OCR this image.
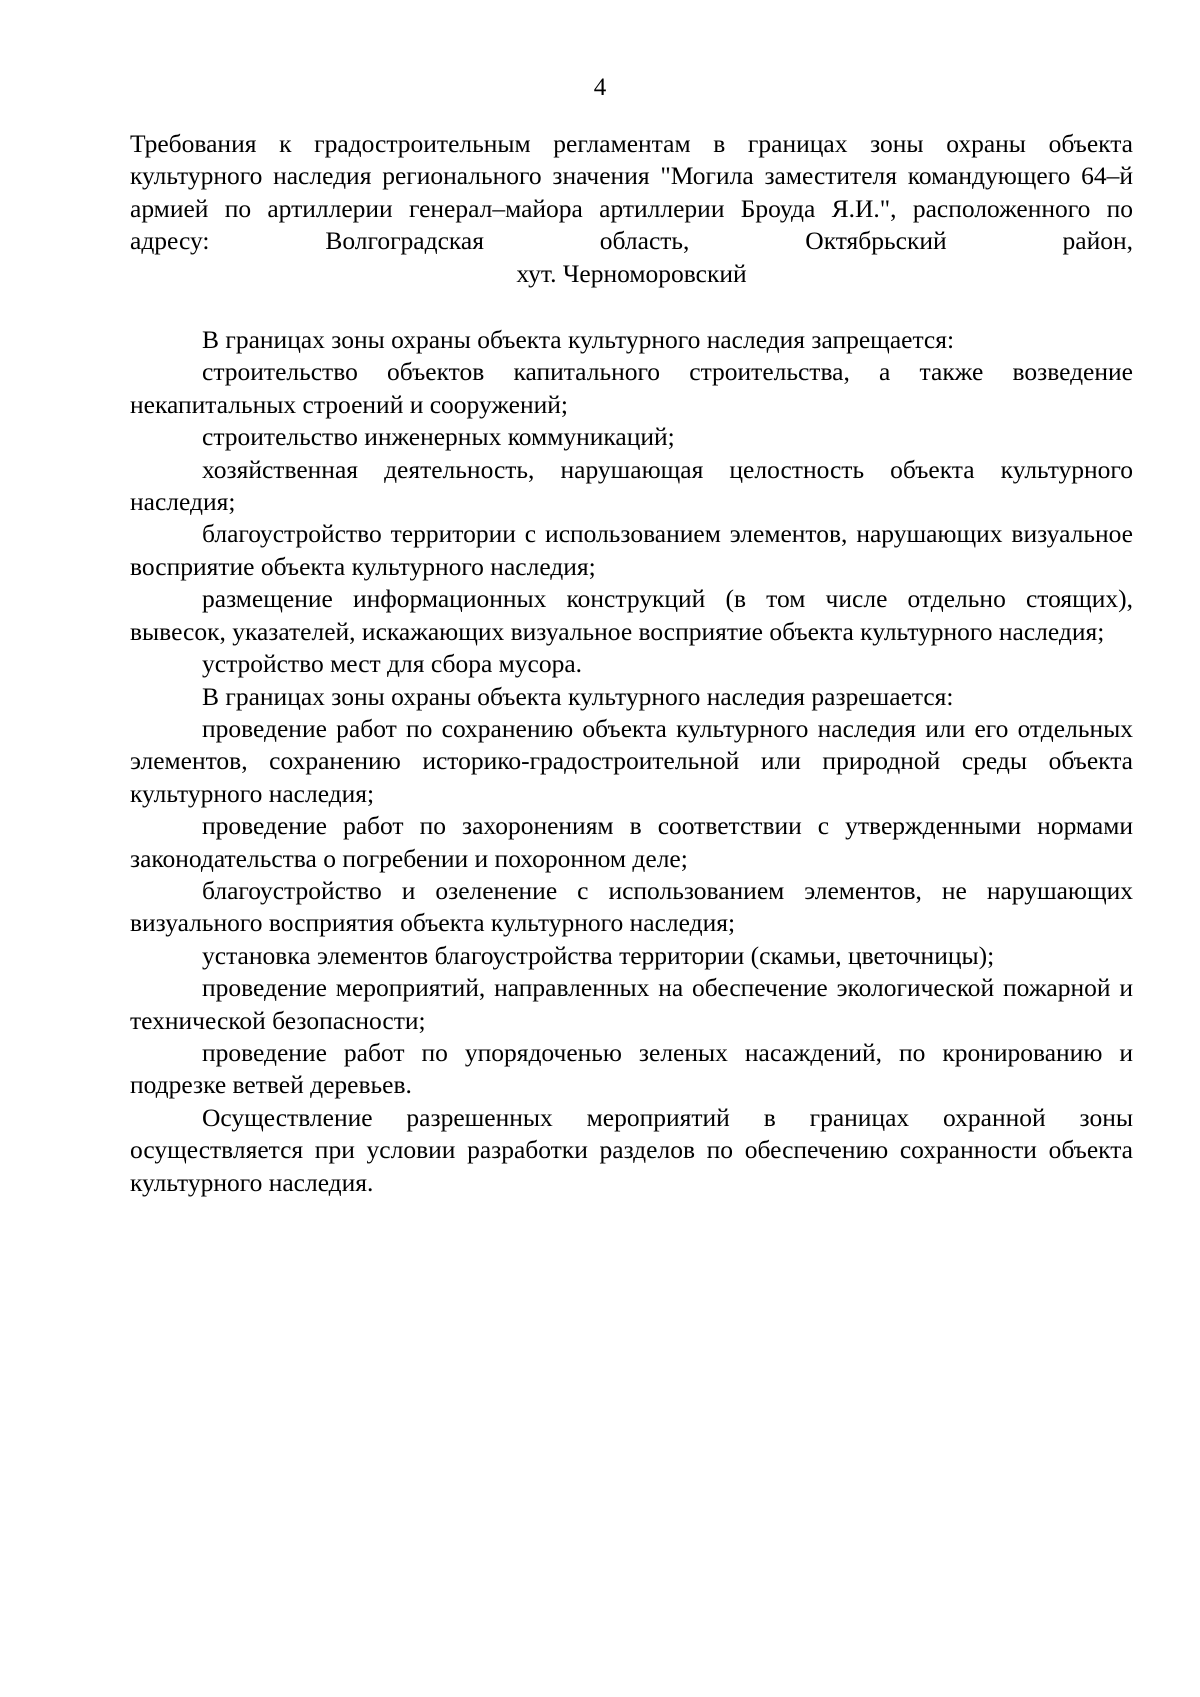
4
Требования к градостроительным регламентам в границах зоны охраны объекта культурного наследия регионального значения "Могила заместителя командующего 64–й армией по артиллерии генерал–майора артиллерии Броуда Я.И.", расположенного по адресу: Волгоградская область, Октябрьский район,
хут. Черноморовский

В границах зоны охраны объекта культурного наследия запрещается:

строительство объектов капитального строительства, а также возведение некапитальных строений и сооружений;

строительство инженерных коммуникаций;

хозяйственная деятельность, нарушающая целостность объекта культурного наследия;

благоустройство территории с использованием элементов, нарушающих визуальное восприятие объекта культурного наследия;

размещение информационных конструкций (в том числе отдельно стоящих), вывесок, указателей, искажающих визуальное восприятие объекта культурного наследия;

устройство мест для сбора мусора.

В границах зоны охраны объекта культурного наследия разрешается:

проведение работ по сохранению объекта культурного наследия или его отдельных элементов, сохранению историко-градостроительной или природной среды объекта культурного наследия;

проведение работ по захоронениям в соответствии с утвержденными нормами законодательства о погребении и похоронном деле;

благоустройство и озеленение с использованием элементов, не нарушающих визуального восприятия объекта культурного наследия;

установка элементов благоустройства территории (скамьи, цветочницы);

проведение мероприятий, направленных на обеспечение экологической пожарной и технической безопасности;

проведение работ по упорядоченью зеленых насаждений, по кронированию и подрезке ветвей деревьев.

Осуществление разрешенных мероприятий в границах охранной зоны осуществляется при условии разработки разделов по обеспечению сохранности объекта культурного наследия.
